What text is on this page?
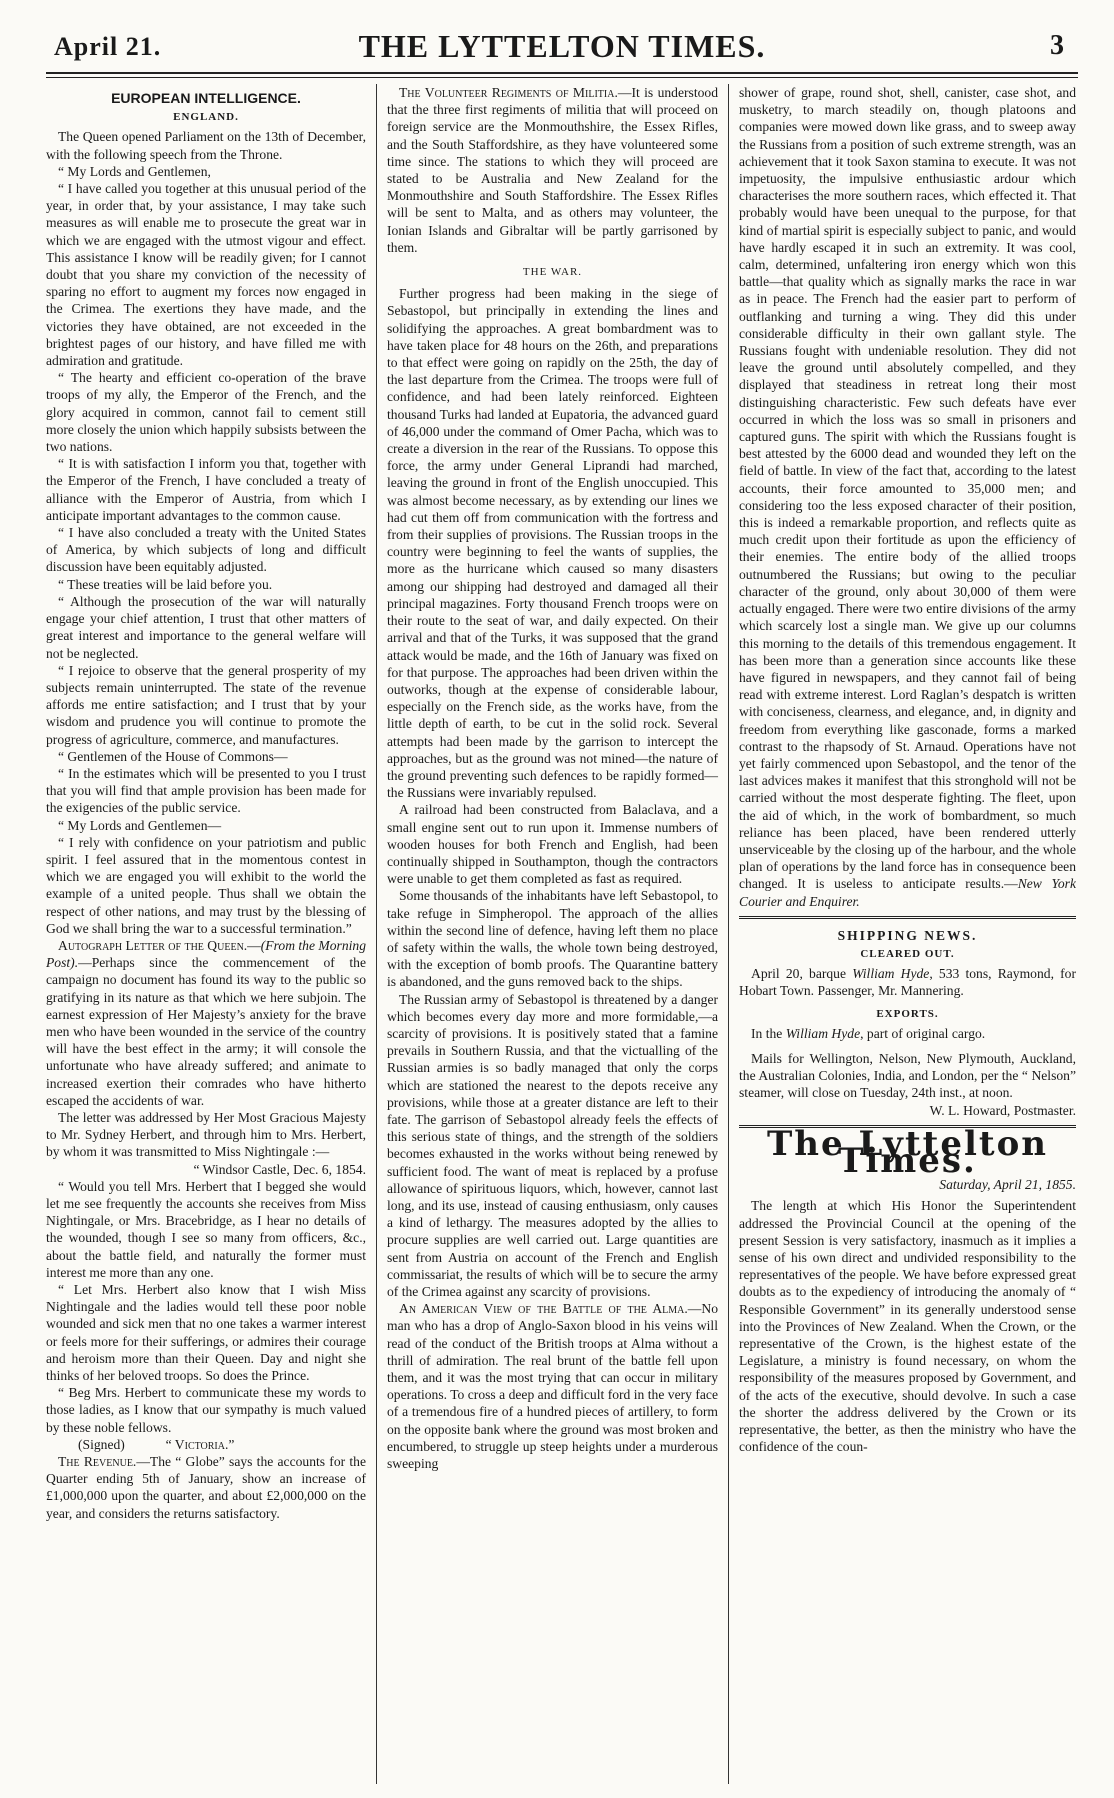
April 21.	THE LYTTELTON TIMES.	3

EUROPEAN INTELLIGENCE.

ENGLAND.

The Queen opened Parliament on the 13th of December, with the following speech from the Throne.

“ My Lords and Gentlemen,

“ I have called you together at this unusual period of the year, in order that, by your assistance, I may take such measures as will enable me to prosecute the great war in which we are engaged with the utmost vigour and effect. This assistance I know will be readily given; for I cannot doubt that you share my conviction of the necessity of sparing no effort to augment my forces now engaged in the Crimea. The exertions they have made, and the victories they have obtained, are not exceeded in the brightest pages of our history, and have filled me with admiration and gratitude.

“ The hearty and efficient co-operation of the brave troops of my ally, the Emperor of the French, and the glory acquired in common, cannot fail to cement still more closely the union which happily subsists between the two nations.

“ It is with satisfaction I inform you that, together with the Emperor of the French, I have concluded a treaty of alliance with the Emperor of Austria, from which I anticipate important advantages to the common cause.

“ I have also concluded a treaty with the United States of America, by which subjects of long and difficult discussion have been equitably adjusted.

“ These treaties will be laid before you.

“ Although the prosecution of the war will naturally engage your chief attention, I trust that other matters of great interest and importance to the general welfare will not be neglected.

“ I rejoice to observe that the general prosperity of my subjects remain uninterrupted. The state of the revenue affords me entire satisfaction; and I trust that by your wisdom and prudence you will continue to promote the progress of agriculture, commerce, and manufactures.

“ Gentlemen of the House of Commons—

“ In the estimates which will be presented to you I trust that you will find that ample provision has been made for the exigencies of the public service.

“ My Lords and Gentlemen—

“ I rely with confidence on your patriotism and public spirit. I feel assured that in the momentous contest in which we are engaged you will exhibit to the world the example of a united people. Thus shall we obtain the respect of other nations, and may trust by the blessing of God we shall bring the war to a successful termination.”

Autograph Letter of the Queen.—(From the Morning Post).—Perhaps since the commencement of the campaign no document has found its way to the public so gratifying in its nature as that which we here subjoin. The earnest expression of Her Majesty’s anxiety for the brave men who have been wounded in the service of the country will have the best effect in the army; it will console the unfortunate who have already suffered; and animate to increased exertion their comrades who have hitherto escaped the accidents of war.

The letter was addressed by Her Most Gracious Majesty to Mr. Sydney Herbert, and through him to Mrs. Herbert, by whom it was transmitted to Miss Nightingale :—

“ Windsor Castle, Dec. 6, 1854.

“ Would you tell Mrs. Herbert that I begged she would let me see frequently the accounts she receives from Miss Nightingale, or Mrs. Bracebridge, as I hear no details of the wounded, though I see so many from officers, &c., about the battle field, and naturally the former must interest me more than any one.

“ Let Mrs. Herbert also know that I wish Miss Nightingale and the ladies would tell these poor noble wounded and sick men that no one takes a warmer interest or feels more for their sufferings, or admires their courage and heroism more than their Queen. Day and night she thinks of her beloved troops. So does the Prince.

“ Beg Mrs. Herbert to communicate these my words to those ladies, as I know that our sympathy is much valued by these noble fellows.

(Signed)	“ Victoria.”

The Revenue.—The “ Globe” says the accounts for the Quarter ending 5th of January, show an increase of £1,000,000 upon the quarter, and about £2,000,000 on the year, and considers the returns satisfactory.

The Volunteer Regiments of Militia.—It is understood that the three first regiments of militia that will proceed on foreign service are the Monmouthshire, the Essex Rifles, and the South Staffordshire, as they have volunteered some time since. The stations to which they will proceed are stated to be Australia and New Zealand for the Monmouthshire and South Staffordshire. The Essex Rifles will be sent to Malta, and as others may volunteer, the Ionian Islands and Gibraltar will be partly garrisoned by them.

THE WAR.

Further progress had been making in the siege of Sebastopol, but principally in extending the lines and solidifying the approaches. A great bombardment was to have taken place for 48 hours on the 26th, and preparations to that effect were going on rapidly on the 25th, the day of the last departure from the Crimea. The troops were full of confidence, and had been lately reinforced. Eighteen thousand Turks had landed at Eupatoria, the advanced guard of 46,000 under the command of Omer Pacha, which was to create a diversion in the rear of the Russians. To oppose this force, the army under General Liprandi had marched, leaving the ground in front of the English unoccupied. This was almost become necessary, as by extending our lines we had cut them off from communication with the fortress and from their supplies of provisions. The Russian troops in the country were beginning to feel the wants of supplies, the more as the hurricane which caused so many disasters among our shipping had destroyed and damaged all their principal magazines. Forty thousand French troops were on their route to the seat of war, and daily expected. On their arrival and that of the Turks, it was supposed that the grand attack would be made, and the 16th of January was fixed on for that purpose. The approaches had been driven within the outworks, though at the expense of considerable labour, especially on the French side, as the works have, from the little depth of earth, to be cut in the solid rock. Several attempts had been made by the garrison to intercept the approaches, but as the ground was not mined—the nature of the ground preventing such defences to be rapidly formed—the Russians were invariably repulsed.

A railroad had been constructed from Balaclava, and a small engine sent out to run upon it. Immense numbers of wooden houses for both French and English, had been continually shipped in Southampton, though the contractors were unable to get them completed as fast as required.

Some thousands of the inhabitants have left Sebastopol, to take refuge in Simpheropol. The approach of the allies within the second line of defence, having left them no place of safety within the walls, the whole town being destroyed, with the exception of bomb proofs. The Quarantine battery is abandoned, and the guns removed back to the ships.

The Russian army of Sebastopol is threatened by a danger which becomes every day more and more formidable,—a scarcity of provisions. It is positively stated that a famine prevails in Southern Russia, and that the victualling of the Russian armies is so badly managed that only the corps which are stationed the nearest to the depots receive any provisions, while those at a greater distance are left to their fate. The garrison of Sebastopol already feels the effects of this serious state of things, and the strength of the soldiers becomes exhausted in the works without being renewed by sufficient food. The want of meat is replaced by a profuse allowance of spirituous liquors, which, however, cannot last long, and its use, instead of causing enthusiasm, only causes a kind of lethargy. The measures adopted by the allies to procure supplies are well carried out. Large quantities are sent from Austria on account of the French and English commissariat, the results of which will be to secure the army of the Crimea against any scarcity of provisions.

An American View of the Battle of the Alma.—No man who has a drop of Anglo-Saxon blood in his veins will read of the conduct of the British troops at Alma without a thrill of admiration. The real brunt of the battle fell upon them, and it was the most trying that can occur in military operations. To cross a deep and difficult ford in the very face of a tremendous fire of a hundred pieces of artillery, to form on the opposite bank where the ground was most broken and encumbered, to struggle up steep heights under a murderous sweeping

shower of grape, round shot, shell, canister, case shot, and musketry, to march steadily on, though platoons and companies were mowed down like grass, and to sweep away the Russians from a position of such extreme strength, was an achievement that it took Saxon stamina to execute. It was not impetuosity, the impulsive enthusiastic ardour which characterises the more southern races, which effected it. That probably would have been unequal to the purpose, for that kind of martial spirit is especially subject to panic, and would have hardly escaped it in such an extremity. It was cool, calm, determined, unfaltering iron energy which won this battle—that quality which as signally marks the race in war as in peace. The French had the easier part to perform of outflanking and turning a wing. They did this under considerable difficulty in their own gallant style. The Russians fought with undeniable resolution. They did not leave the ground until absolutely compelled, and they displayed that steadiness in retreat long their most distinguishing characteristic. Few such defeats have ever occurred in which the loss was so small in prisoners and captured guns. The spirit with which the Russians fought is best attested by the 6000 dead and wounded they left on the field of battle. In view of the fact that, according to the latest accounts, their force amounted to 35,000 men; and considering too the less exposed character of their position, this is indeed a remarkable proportion, and reflects quite as much credit upon their fortitude as upon the efficiency of their enemies. The entire body of the allied troops outnumbered the Russians; but owing to the peculiar character of the ground, only about 30,000 of them were actually engaged. There were two entire divisions of the army which scarcely lost a single man. We give up our columns this morning to the details of this tremendous engagement. It has been more than a generation since accounts like these have figured in newspapers, and they cannot fail of being read with extreme interest. Lord Raglan’s despatch is written with conciseness, clearness, and elegance, and, in dignity and freedom from everything like gasconade, forms a marked contrast to the rhapsody of St. Arnaud. Operations have not yet fairly commenced upon Sebastopol, and the tenor of the last advices makes it manifest that this stronghold will not be carried without the most desperate fighting. The fleet, upon the aid of which, in the work of bombardment, so much reliance has been placed, have been rendered utterly unserviceable by the closing up of the harbour, and the whole plan of operations by the land force has in consequence been changed. It is useless to anticipate results.—New York Courier and Enquirer.

SHIPPING NEWS.

CLEARED OUT.

April 20, barque William Hyde, 533 tons, Raymond, for Hobart Town. Passenger, Mr. Mannering.

EXPORTS.

In the William Hyde, part of original cargo.

Mails for Wellington, Nelson, New Plymouth, Auckland, the Australian Colonies, India, and London, per the “ Nelson” steamer, will close on Tuesday, 24th inst., at noon.

W. L. Howard, Postmaster.

The Lyttelton Times.

Saturday, April 21, 1855.

The length at which His Honor the Superintendent addressed the Provincial Council at the opening of the present Session is very satisfactory, inasmuch as it implies a sense of his own direct and undivided responsibility to the representatives of the people. We have before expressed great doubts as to the expediency of introducing the anomaly of “ Responsible Government” in its generally understood sense into the Provinces of New Zealand. When the Crown, or the representative of the Crown, is the highest estate of the Legislature, a ministry is found necessary, on whom the responsibility of the measures proposed by Government, and of the acts of the executive, should devolve. In such a case the shorter the address delivered by the Crown or its representative, the better, as then the ministry who have the confidence of the coun-
